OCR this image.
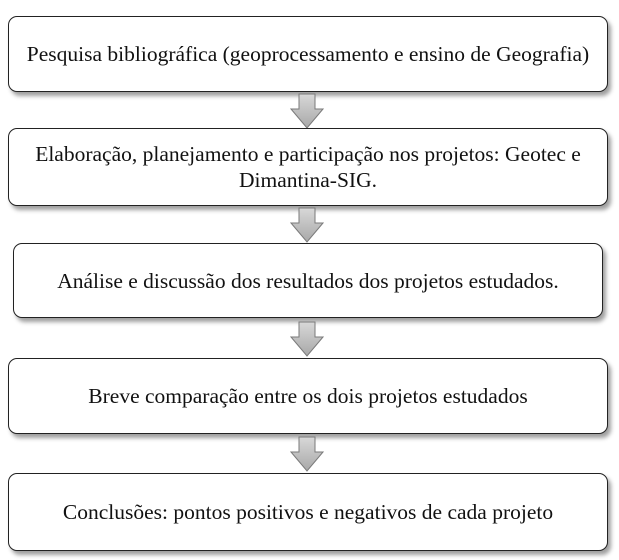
Pesquisa bibliográfica (geoprocessamento e ensino de Geografia)
Elaboração, planejamento e participação nos projetos: Geotec e Dimantina-SIG.
Análise e discussão dos resultados dos projetos estudados.
Breve comparação entre os dois projetos estudados
Conclusões: pontos positivos e negativos de cada projeto
